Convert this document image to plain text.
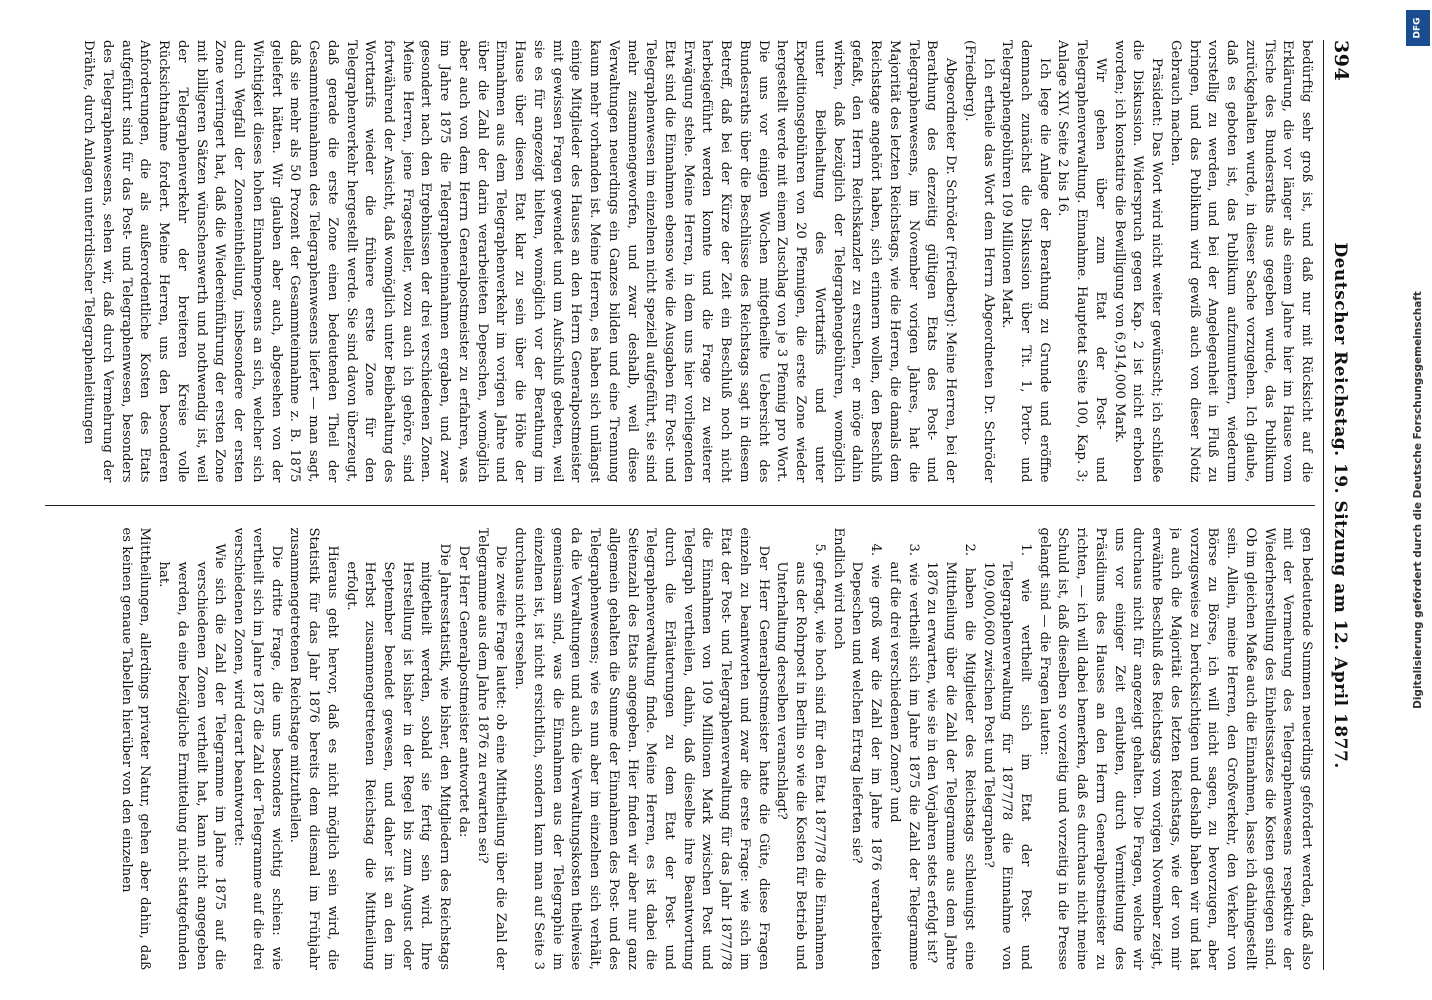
394
Deutscher Reichstag. 19. Sitzung am 12. April 1877.

bedürftig sehr groß ist, und daß nur mit Rücksicht auf die Erklärung, die vor länger als einem Jahre hier im Hause vom Tische des Bundesraths aus gegeben wurde, das Publikum zurückgehalten wurde, in dieser Sache vorzugehen. Ich glaube, daß es geboten ist, das Publikum aufzumuntern, wiederum vorstellig zu werden, und bei der Angelegenheit in Fluß zu bringen, und das Publikum wird gewiß auch von dieser Notiz Gebrauch machen.

Präsident: Das Wort wird nicht weiter gewünscht; ich schließe die Diskussion. Widerspruch gegen Kap. 2 ist nicht erhoben worden; ich konstatire die Bewilligung von 6,914,000 Mark.

Wir gehen über zum Etat der Post- und Telegraphenverwaltung. Einnahme. Hauptetat Seite 100, Kap. 3; Anlage XIV. Seite 2 bis 16.

Ich lege die Anlage der Berathung zu Grunde und eröffne demnach zunächst die Diskussion über Tit. 1, Porto- und Telegraphengebühren 109 Millionen Mark.

Ich ertheile das Wort dem Herrn Abgeordneten Dr. Schröder (Friedberg).

Abgeordneter Dr. Schröder (Friedberg): Meine Herren, bei der Berathung des derzeitig gültigen Etats des Post- und Telegraphenwesens, im November vorigen Jahres, hat die Majorität des letzten Reichstags, wie die Herren, die damals dem Reichstage angehört haben, sich erinnern wollen, den Beschluß gefaßt, den Herrn Reichskanzler zu ersuchen, er möge dahin wirken, daß bezüglich der Telegraphengebühren, womöglich unter Beibehaltung des Worttarifs und unter Expeditionsgebühren von 20 Pfennigen, die erste Zone wieder hergestellt werde mit einem Zuschlag von je 3 Pfennig pro Wort. Die uns vor einigen Wochen mitgetheilte Uebersicht des Bundesraths über die Beschlüsse des Reichstags sagt in diesem Betreff, daß bei der Kürze der Zeit ein Beschluß noch nicht herbeigeführt werden konnte und die Frage zu weiterer Erwägung stehe. Meine Herren, in dem uns hier vorliegenden Etat sind die Einnahmen ebenso wie die Ausgaben für Post- und Telegraphenwesen im einzelnen nicht speziell aufgeführt, sie sind mehr zusammengeworfen, und zwar deshalb, weil diese Verwaltungen neuerdings ein Ganzes bilden und eine Trennung kaum mehr vorhanden ist. Meine Herren, es haben sich unlängst einige Mitglieder des Hauses an den Herrn Generalpostmeister mit gewissen Fragen gewendet und um Aufschluß gebeten, weil sie es für angezeigt hielten, womöglich vor der Berathung im Hause über diesen Etat klar zu sein über die Höhe der Einnahmen aus dem Telegraphenverkehr im vorigen Jahre und über die Zahl der darin verarbeiteten Depeschen, womöglich aber auch von dem Herrn Generalpostmeister zu erfahren, was im Jahre 1875 die Telegrapheneinnahmen ergaben, und zwar gesondert nach den Ergebnissen der drei verschiedenen Zonen. Meine Herren, jene Fragesteller, wozu auch ich gehöre, sind fortwährend der Ansicht, daß womöglich unter Beibehaltung des Worttarifs wieder die frühere erste Zone für den Telegraphenverkehr hergestellt werde. Sie sind davon überzeugt, daß gerade die erste Zone einen bedeutenden Theil der Gesammteinnahmen des Telegraphenwesens liefert — man sagt, daß sie mehr als 50 Prozent der Gesammteinnahme z. B. 1875 geliefert hätten. Wir glauben aber auch, abgesehen von der Wichtigkeit dieses hohen Einnahmeposens an sich, welcher sich durch Wegfall der Zoneneintheilung, insbesondere der ersten Zone verringert hat, daß die Wiedereinführung der ersten Zone mit billigeren Sätzen wünschenswerth und nothwendig ist, weil der Telegraphenverkehr der breiteren Kreise volle Rücksichtnahme fordert. Meine Herren, uns den besonderen Anforderungen, die als außerordentliche Kosten des Etats aufgeführt sind für das Post- und Telegraphenwesen, besonders des Telegraphenwesens, sehen wir, daß durch Vermehrung der Drähte, durch Anlagen unterirdischer Telegraphenleitungen

gen bedeutende Summen neuerdings gefordert werden, daß also mit der Vermehrung des Telegraphenwesens respektive der Wiederherstellung des Einheitssatzes die Kosten gestiegen sind. Ob im gleichen Maße auch die Einnahmen, lasse ich dahingestellt sein. Allein, meine Herren, den Großverkehr, den Verkehr von Börse zu Börse, ich will nicht sagen, zu bevorzugen, aber vorzugsweise zu berücksichtigen und deshalb haben wir und hat ja auch die Majorität des letzten Reichstags, wie der von mir erwähnte Beschluß des Reichstags vom vorigen November zeigt, durchaus nicht für angezeigt gehalten. Die Fragen, welche wir uns vor einiger Zeit erlaubten, durch Vermittelung des Präsidiums des Hauses an den Herrn Generalpostmeister zu richten, — ich will dabei bemerken, daß es durchaus nicht meine Schuld ist, daß dieselben so vorzeitig und vorzeitig in die Presse gelangt sind — die Fragen lauten:

1. wie vertheilt sich im Etat der Post- und Telegraphenverwaltung für 1877/78 die Einnahme von 109,000,600 zwischen Post und Telegraphen?

2. haben die Mitglieder des Reichstags schleunigst eine Mittheilung über die Zahl der Telegramme aus dem Jahre 1876 zu erwarten, wie sie in den Vorjahren stets erfolgt ist?

3. wie vertheilt sich im Jahre 1875 die Zahl der Telegramme auf die drei verschiedenen Zonen? und

4. wie groß war die Zahl der im Jahre 1876 verarbeiteten Depeschen und welchen Ertrag lieferten sie?

Endlich wird noch

5. gefragt, wie hoch sind für den Etat 1877/78 die Einnahmen aus der Rohrpost in Berlin so wie die Kosten für Betrieb und Unterhaltung derselben veranschlagt?

Der Herr Generalpostmeister hatte die Güte, diese Fragen einzeln zu beantworten und zwar die erste Frage: wie sich im Etat der Post- und Telegraphenverwaltung für das Jahr 1877/78 die Einnahmen von 109 Millionen Mark zwischen Post und Telegraph vertheilen, dahin, daß dieselbe ihre Beantwortung durch die Erläuterungen zu dem Etat der Post- und Telegraphenverwaltung finde. Meine Herren, es ist dabei die Seitenzahl des Etats angegeben. Hier finden wir aber nur ganz allgemein gehalten die Summe der Einnahmen des Post- und des Telegraphenwesens; wie es nun aber im einzelnen sich verhält, da die Verwaltungen und auch die Verwaltungskosten theilweise gemeinsam sind, was die Einnahmen aus der Telegraphie im einzelnen ist, ist nicht ersichtlich, sondern kann man auf Seite 3 durchaus nicht ersehen.

Die zweite Frage lautet: ob eine Mittheilung über die Zahl der Telegramme aus dem Jahre 1876 zu erwarten sei?

Der Herr Generalpostmeister antwortet da:

Die Jahresstatistik, wie bisher, den Mitgliedern des Reichstags mitgetheilt werden, sobald sie fertig sein wird. Ihre Herstellung ist bisher in der Regel bis zum August oder September beendet gewesen, und daher ist an den im Herbst zusammengetretenen Reichstag die Mittheilung erfolgt.

Hieraus geht hervor, daß es nicht möglich sein wird, die Statistik für das Jahr 1876 bereits dem diesmal im Frühjahr zusammengetretenen Reichstage mitzutheilen.

Die dritte Frage, die uns besonders wichtig schien: wie vertheilt sich im Jahre 1875 die Zahl der Telegramme auf die drei verschiedenen Zonen, wird derart beantwortet:

Wie sich die Zahl der Telegramme im Jahre 1875 auf die verschiedenen Zonen vertheilt hat, kann nicht angegeben werden, da eine bezügliche Ermittelung nicht stattgefunden hat.

Mittheilungen, allerdings privater Natur, gehen aber dahin, daß es keinen genaue Tabellen hierüber von den einzelnen

Digitalisierung gefördert durch die Deutsche Forschungsgemeinschaft
DFG
